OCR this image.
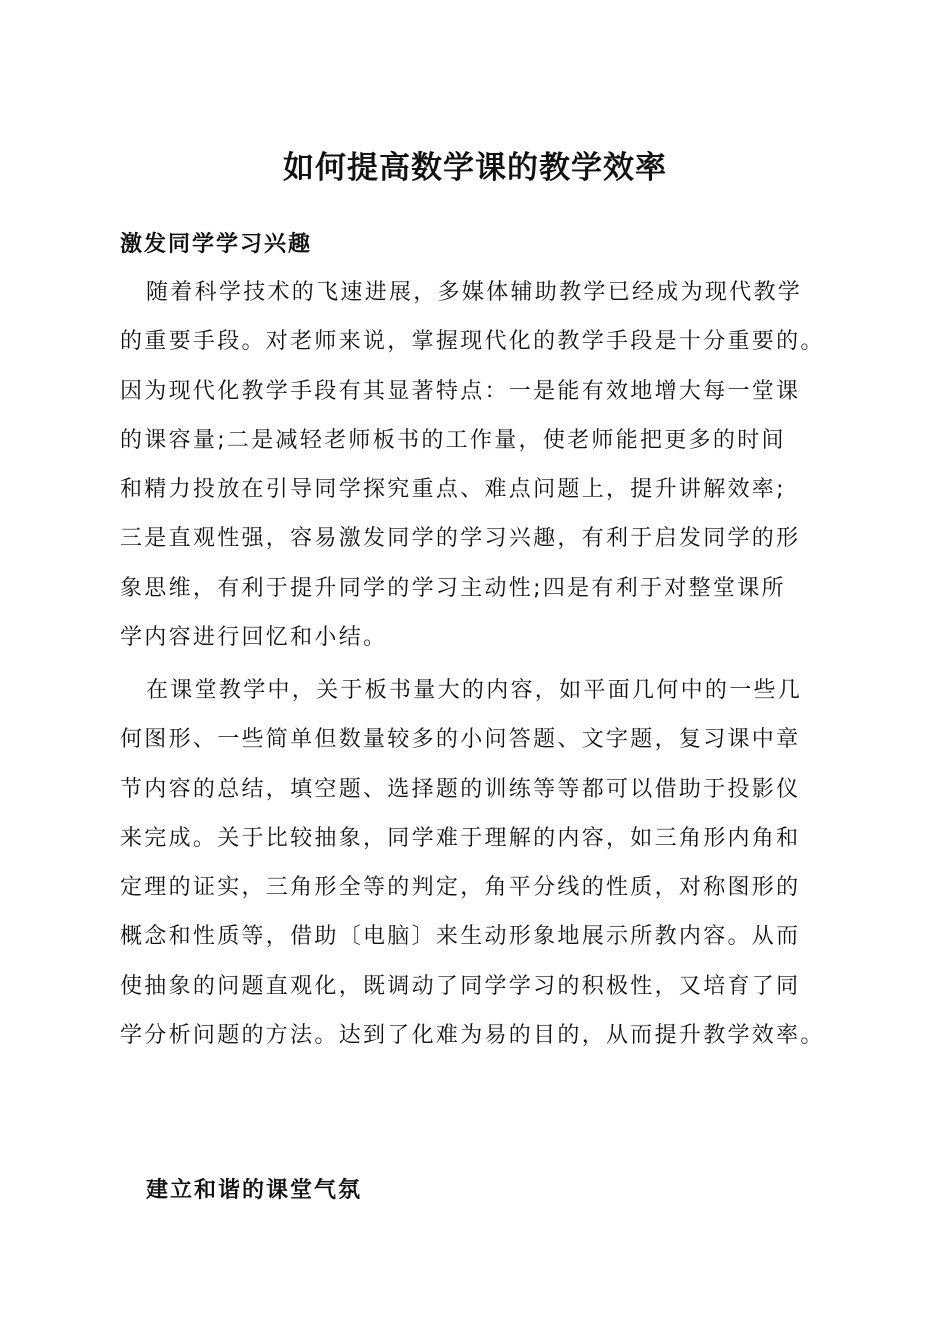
如何提高数学课的教学效率
激发同学学习兴趣
随着科学技术的飞速进展，多媒体辅助教学已经成为现代教学
的重要手段。对老师来说，掌握现代化的教学手段是十分重要的。
因为现代化教学手段有其显著特点：一是能有效地增大每一堂课
的课容量;二是减轻老师板书的工作量，使老师能把更多的时间
和精力投放在引导同学探究重点、难点问题上，提升讲解效率;
三是直观性强，容易激发同学的学习兴趣，有利于启发同学的形
象思维，有利于提升同学的学习主动性;四是有利于对整堂课所
学内容进行回忆和小结。
在课堂教学中，关于板书量大的内容，如平面几何中的一些几
何图形、一些简单但数量较多的小问答题、文字题，复习课中章
节内容的总结，填空题、选择题的训练等等都可以借助于投影仪
来完成。关于比较抽象，同学难于理解的内容，如三角形内角和
定理的证实，三角形全等的判定，角平分线的性质，对称图形的
概念和性质等，借助〔电脑〕来生动形象地展示所教内容。从而
使抽象的问题直观化，既调动了同学学习的积极性，又培育了同
学分析问题的方法。达到了化难为易的目的，从而提升教学效率。
建立和谐的课堂气氛
